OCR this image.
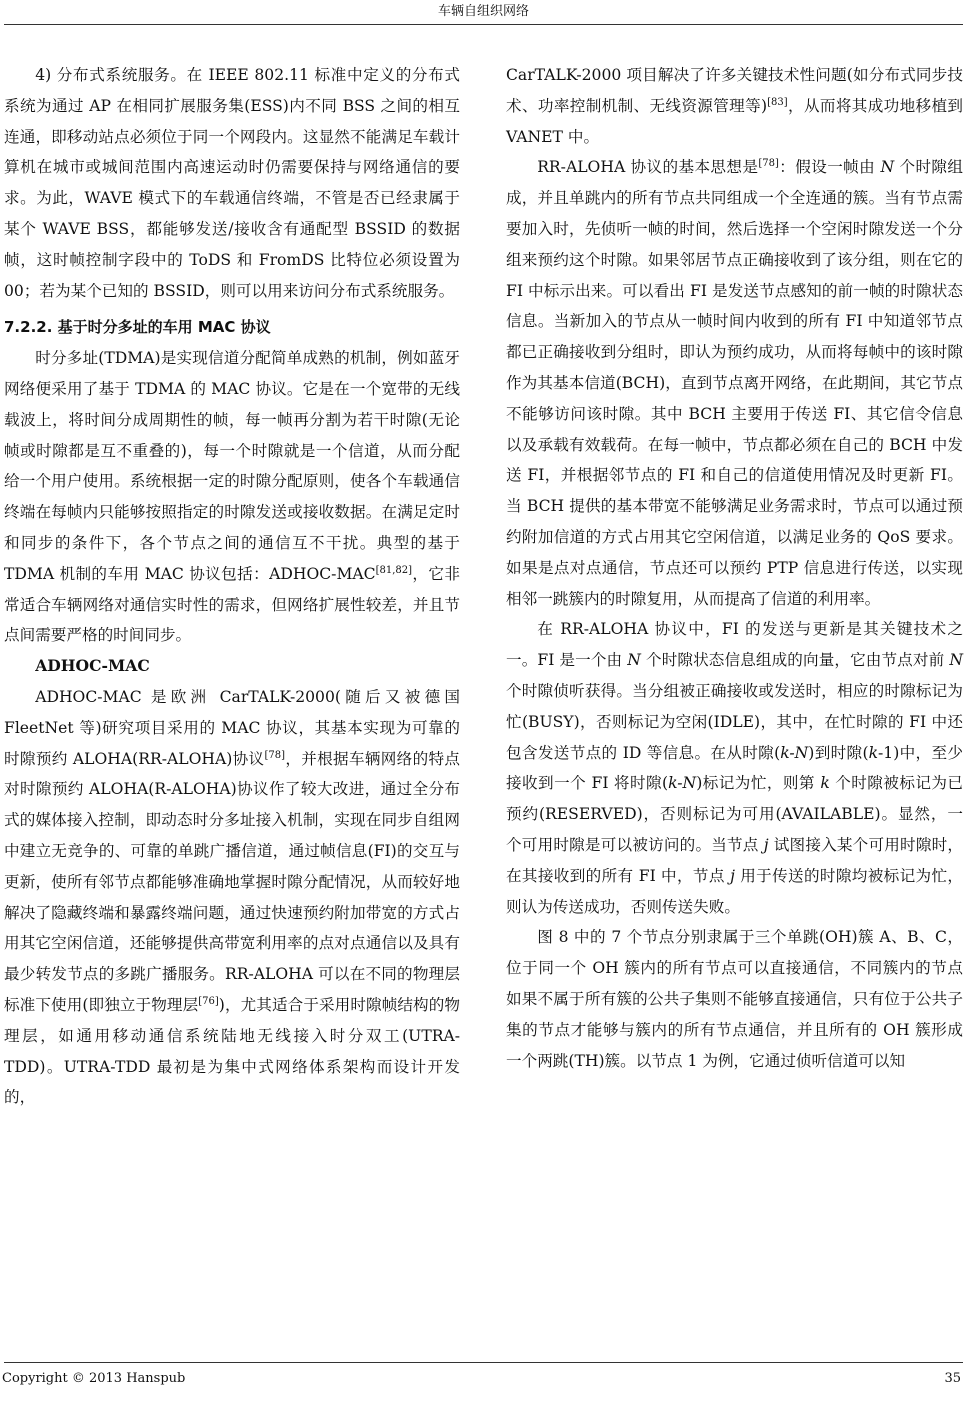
车辆自组织网络

4) 分布式系统服务。在 IEEE 802.11 标准中定义的分布式系统为通过 AP 在相同扩展服务集(ESS)内不同 BSS 之间的相互连通，即移动站点必须位于同一个网段内。这显然不能满足车载计算机在城市或城间范围内高速运动时仍需要保持与网络通信的要求。为此，WAVE 模式下的车载通信终端，不管是否已经隶属于某个 WAVE BSS，都能够发送/接收含有通配型 BSSID 的数据帧，这时帧控制字段中的 ToDS 和 FromDS 比特位必须设置为 00；若为某个已知的 BSSID，则可以用来访问分布式系统服务。

7.2.2. 基于时分多址的车用 MAC 协议

时分多址(TDMA)是实现信道分配简单成熟的机制，例如蓝牙网络便采用了基于 TDMA 的 MAC 协议。它是在一个宽带的无线载波上，将时间分成周期性的帧，每一帧再分割为若干时隙(无论帧或时隙都是互不重叠的)，每一个时隙就是一个信道，从而分配给一个用户使用。系统根据一定的时隙分配原则，使各个车载通信终端在每帧内只能够按照指定的时隙发送或接收数据。在满足定时和同步的条件下，各个节点之间的通信互不干扰。典型的基于 TDMA 机制的车用 MAC 协议包括：ADHOC-MAC[81,82]，它非常适合车辆网络对通信实时性的需求，但网络扩展性较差，并且节点间需要严格的时间同步。

ADHOC-MAC

ADHOC-MAC 是欧洲 CarTALK-2000(随后又被德国 FleetNet 等)研究项目采用的 MAC 协议，其基本实现为可靠的时隙预约 ALOHA(RR-ALOHA)协议[78]，并根据车辆网络的特点对时隙预约 ALOHA(R-ALOHA)协议作了较大改进，通过全分布式的媒体接入控制，即动态时分多址接入机制，实现在同步自组网中建立无竞争的、可靠的单跳广播信道，通过帧信息(FI)的交互与更新，使所有邻节点都能够准确地掌握时隙分配情况，从而较好地解决了隐藏终端和暴露终端问题，通过快速预约附加带宽的方式占用其它空闲信道，还能够提供高带宽利用率的点对点通信以及具有最少转发节点的多跳广播服务。RR-ALOHA 可以在不同的物理层标准下使用(即独立于物理层[76])，尤其适合于采用时隙帧结构的物理层，如通用移动通信系统陆地无线接入时分双工(UTRA-TDD)。UTRA-TDD 最初是为集中式网络体系架构而设计开发的，

CarTALK-2000 项目解决了许多关键技术性问题(如分布式同步技术、功率控制机制、无线资源管理等)[83]，从而将其成功地移植到 VANET 中。

RR-ALOHA 协议的基本思想是[78]：假设一帧由 N 个时隙组成，并且单跳内的所有节点共同组成一个全连通的簇。当有节点需要加入时，先侦听一帧的时间，然后选择一个空闲时隙发送一个分组来预约这个时隙。如果邻居节点正确接收到了该分组，则在它的 FI 中标示出来。可以看出 FI 是发送节点感知的前一帧的时隙状态信息。当新加入的节点从一帧时间内收到的所有 FI 中知道邻节点都已正确接收到分组时，即认为预约成功，从而将每帧中的该时隙作为其基本信道(BCH)，直到节点离开网络，在此期间，其它节点不能够访问该时隙。其中 BCH 主要用于传送 FI、其它信令信息以及承载有效载荷。在每一帧中，节点都必须在自己的 BCH 中发送 FI，并根据邻节点的 FI 和自己的信道使用情况及时更新 FI。当 BCH 提供的基本带宽不能够满足业务需求时，节点可以通过预约附加信道的方式占用其它空闲信道，以满足业务的 QoS 要求。如果是点对点通信，节点还可以预约 PTP 信息进行传送，以实现相邻一跳簇内的时隙复用，从而提高了信道的利用率。

在 RR-ALOHA 协议中，FI 的发送与更新是其关键技术之一。FI 是一个由 N 个时隙状态信息组成的向量，它由节点对前 N 个时隙侦听获得。当分组被正确接收或发送时，相应的时隙标记为忙(BUSY)，否则标记为空闲(IDLE)，其中，在忙时隙的 FI 中还包含发送节点的 ID 等信息。在从时隙(k-N)到时隙(k-1)中，至少接收到一个 FI 将时隙(k-N)标记为忙，则第 k 个时隙被标记为已预约(RESERVED)，否则标记为可用(AVAILABLE)。显然，一个可用时隙是可以被访问的。当节点 j 试图接入某个可用时隙时，在其接收到的所有 FI 中，节点 j 用于传送的时隙均被标记为忙，则认为传送成功，否则传送失败。

图 8 中的 7 个节点分别隶属于三个单跳(OH)簇 A、B、C，位于同一个 OH 簇内的所有节点可以直接通信，不同簇内的节点如果不属于所有簇的公共子集则不能够直接通信，只有位于公共子集的节点才能够与簇内的所有节点通信，并且所有的 OH 簇形成一个两跳(TH)簇。以节点 1 为例，它通过侦听信道可以知

Copyright © 2013 Hanspub	35
